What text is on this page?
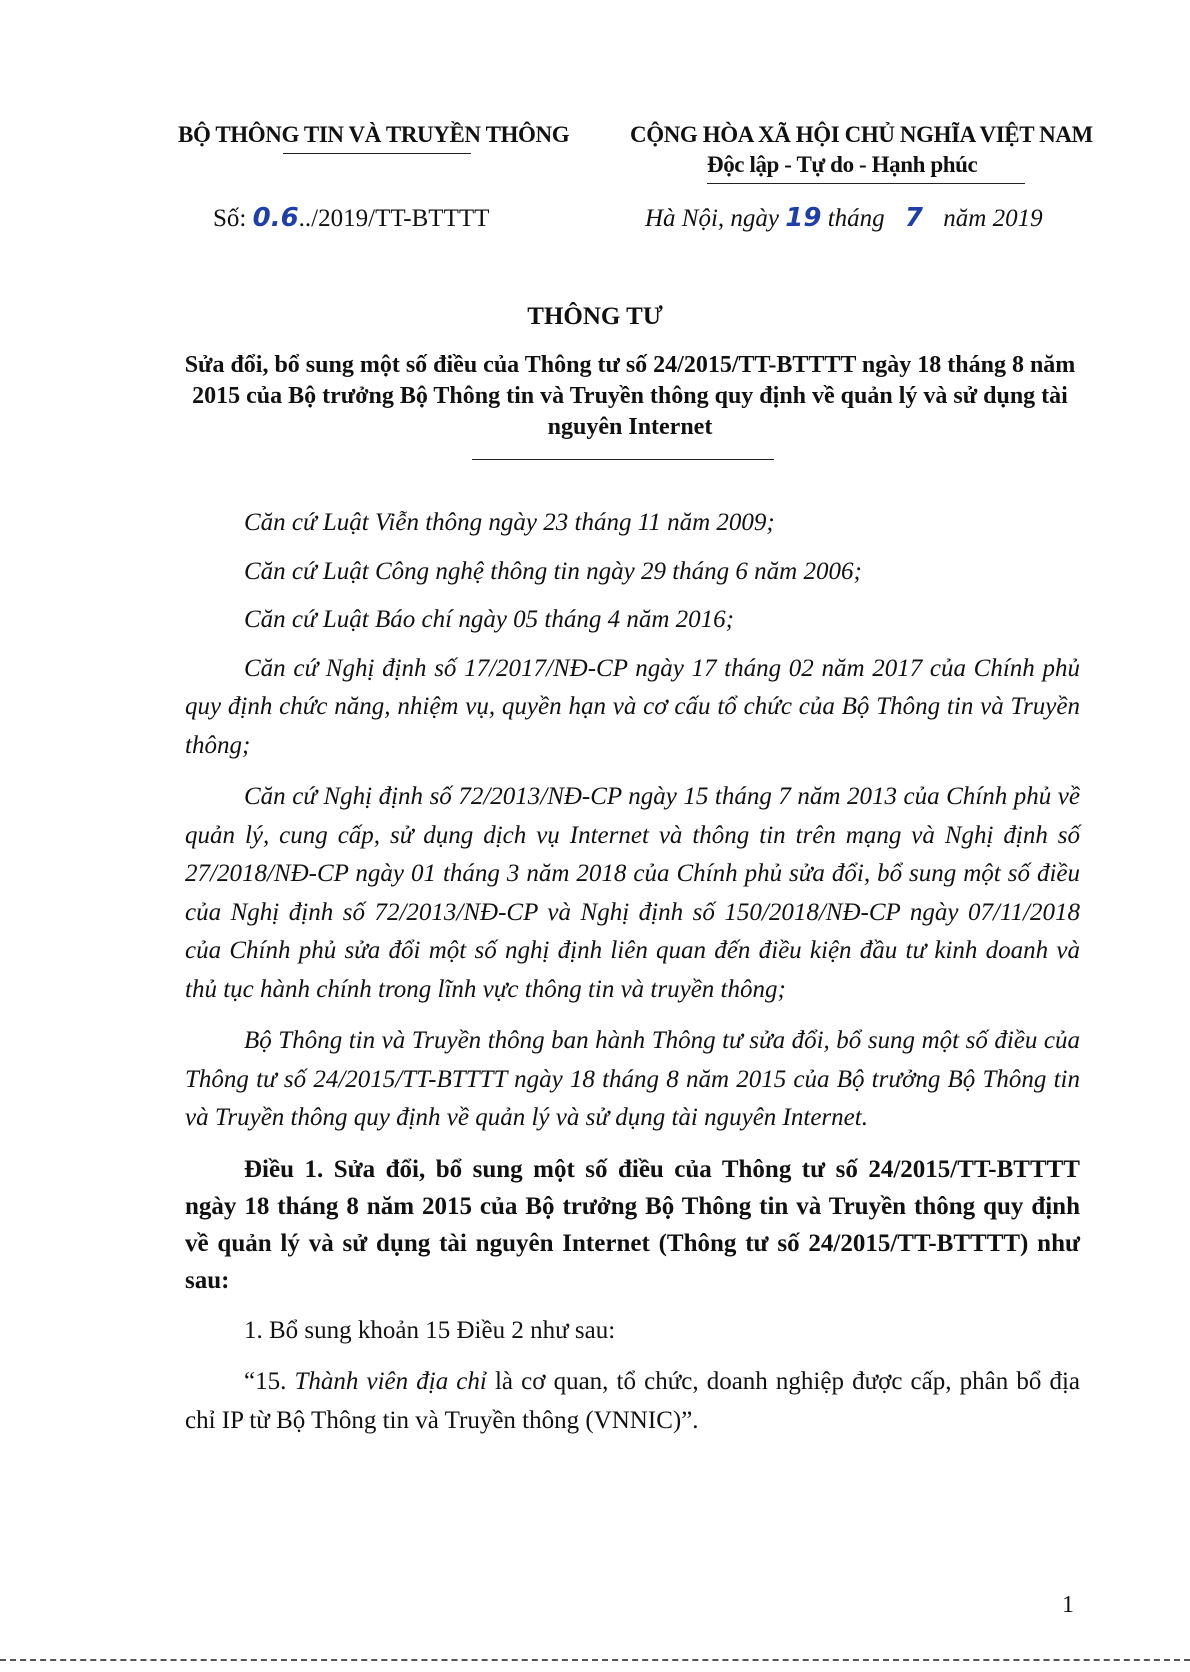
BỘ THÔNG TIN VÀ TRUYỀN THÔNG	CỘNG HÒA XÃ HỘI CHỦ NGHĨA VIỆT NAM
Độc lập - Tự do - Hạnh phúc
Số: 0.6../2019/TT-BTTTT	Hà Nội, ngày 19 tháng 7 năm 2019
THÔNG TƯ
Sửa đổi, bổ sung một số điều của Thông tư số 24/2015/TT-BTTTT ngày 18 tháng 8 năm 2015 của Bộ trưởng Bộ Thông tin và Truyền thông quy định về quản lý và sử dụng tài nguyên Internet

Căn cứ Luật Viễn thông ngày 23 tháng 11 năm 2009;

Căn cứ Luật Công nghệ thông tin ngày 29 tháng 6 năm 2006;

Căn cứ Luật Báo chí ngày 05 tháng 4 năm 2016;

Căn cứ Nghị định số 17/2017/NĐ-CP ngày 17 tháng 02 năm 2017 của Chính phủ quy định chức năng, nhiệm vụ, quyền hạn và cơ cấu tổ chức của Bộ Thông tin và Truyền thông;

Căn cứ Nghị định số 72/2013/NĐ-CP ngày 15 tháng 7 năm 2013 của Chính phủ về quản lý, cung cấp, sử dụng dịch vụ Internet và thông tin trên mạng và Nghị định số 27/2018/NĐ-CP ngày 01 tháng 3 năm 2018 của Chính phủ sửa đổi, bổ sung một số điều của Nghị định số 72/2013/NĐ-CP và Nghị định số 150/2018/NĐ-CP ngày 07/11/2018 của Chính phủ sửa đổi một số nghị định liên quan đến điều kiện đầu tư kinh doanh và thủ tục hành chính trong lĩnh vực thông tin và truyền thông;

Bộ Thông tin và Truyền thông ban hành Thông tư sửa đổi, bổ sung một số điều của Thông tư số 24/2015/TT-BTTTT ngày 18 tháng 8 năm 2015 của Bộ trưởng Bộ Thông tin và Truyền thông quy định về quản lý và sử dụng tài nguyên Internet.

Điều 1. Sửa đổi, bổ sung một số điều của Thông tư số 24/2015/TT-BTTTT ngày 18 tháng 8 năm 2015 của Bộ trưởng Bộ Thông tin và Truyền thông quy định về quản lý và sử dụng tài nguyên Internet (Thông tư số 24/2015/TT-BTTTT) như sau:

1. Bổ sung khoản 15 Điều 2 như sau:

“15. Thành viên địa chỉ là cơ quan, tổ chức, doanh nghiệp được cấp, phân bổ địa chỉ IP từ Bộ Thông tin và Truyền thông (VNNIC)”.

1
